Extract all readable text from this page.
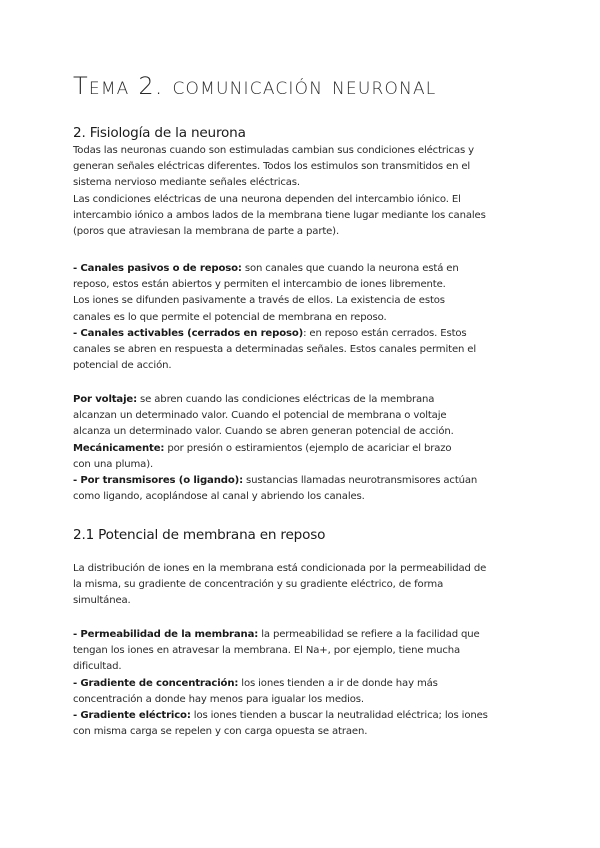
Tema 2. comunicación neuronal
2. Fisiología de la neurona

Todas las neuronas cuando son estimuladas cambian sus condiciones eléctricas y

generan señales eléctricas diferentes. Todos los estimulos son transmitidos en el

sistema nervioso mediante señales eléctricas.

Las condiciones eléctricas de una neurona dependen del intercambio iónico. El

intercambio iónico a ambos lados de la membrana tiene lugar mediante los canales

(poros que atraviesan la membrana de parte a parte).

- Canales pasivos o de reposo: son canales que cuando la neurona está en

reposo, estos están abiertos y permiten el intercambio de iones libremente.

Los iones se difunden pasivamente a través de ellos. La existencia de estos

canales es lo que permite el potencial de membrana en reposo.

- Canales activables (cerrados en reposo): en reposo están cerrados. Estos

canales se abren en respuesta a determinadas señales. Estos canales permiten el

potencial de acción.

Por voltaje: se abren cuando las condiciones eléctricas de la membrana

alcanzan un determinado valor. Cuando el potencial de membrana o voltaje

alcanza un determinado valor. Cuando se abren generan potencial de acción.

Mecánicamente: por presión o estiramientos (ejemplo de acariciar el brazo

con una pluma).

- Por transmisores (o ligando): sustancias llamadas neurotransmisores actúan

como ligando, acoplándose al canal y abriendo los canales.

2.1 Potencial de membrana en reposo

La distribución de iones en la membrana está condicionada por la permeabilidad de

la misma, su gradiente de concentración y su gradiente eléctrico, de forma

simultánea.

- Permeabilidad de la membrana: la permeabilidad se refiere a la facilidad que

tengan los iones en atravesar la membrana. El Na+, por ejemplo, tiene mucha

dificultad.

- Gradiente de concentración: los iones tienden a ir de donde hay más

concentración a donde hay menos para igualar los medios.

- Gradiente eléctrico: los iones tienden a buscar la neutralidad eléctrica; los iones

con misma carga se repelen y con carga opuesta se atraen.
